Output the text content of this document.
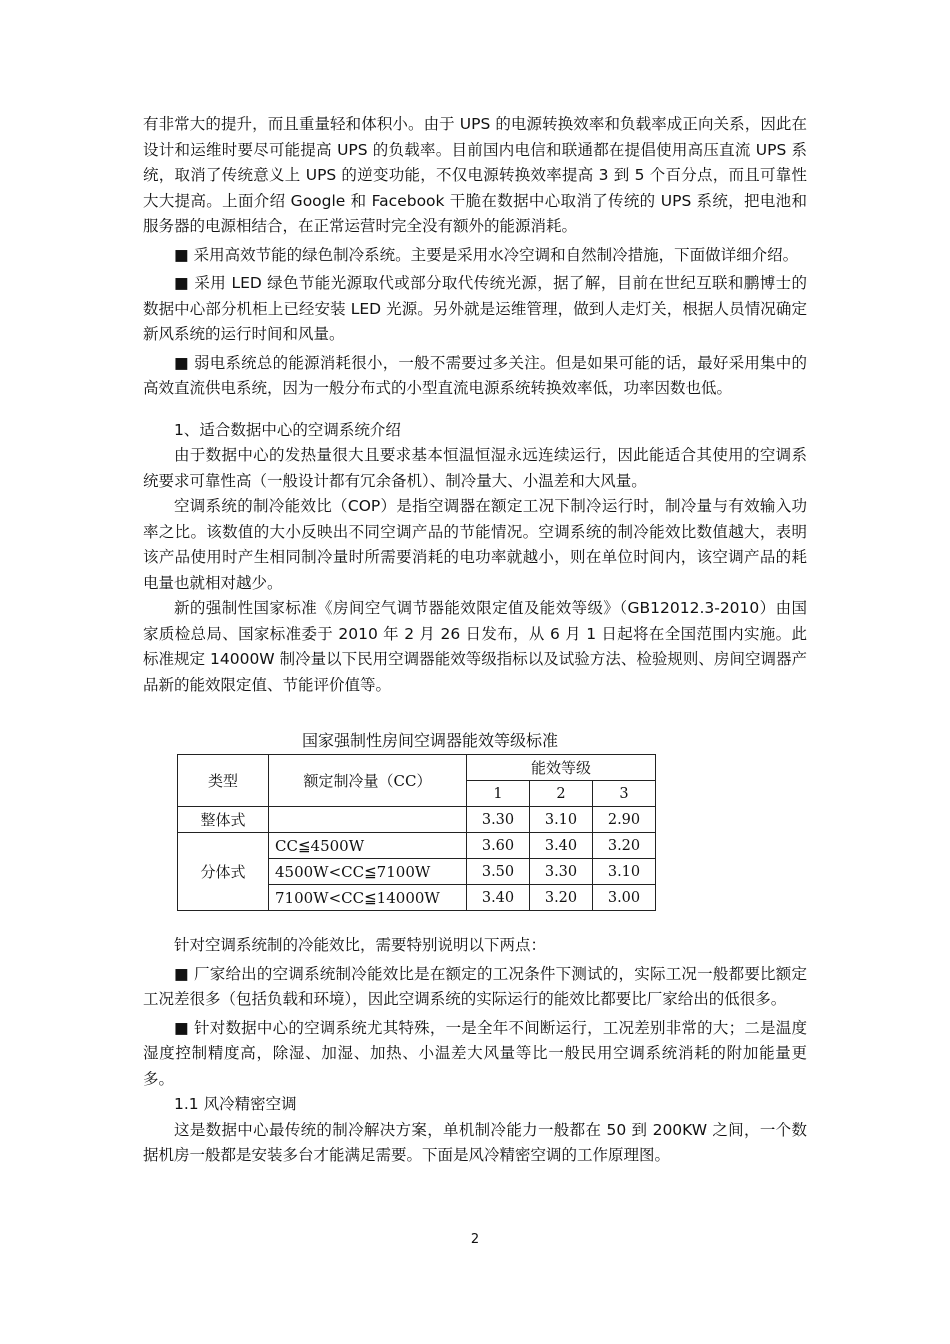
有非常大的提升，而且重量轻和体积小。由于 UPS 的电源转换效率和负载率成正向关系，因此在设计和运维时要尽可能提高 UPS 的负载率。目前国内电信和联通都在提倡使用高压直流 UPS 系统，取消了传统意义上 UPS 的逆变功能，不仅电源转换效率提高 3 到 5 个百分点，而且可靠性大大提高。上面介绍 Google 和 Facebook 干脆在数据中心取消了传统的 UPS 系统，把电池和服务器的电源相结合，在正常运营时完全没有额外的能源消耗。

■ 采用高效节能的绿色制冷系统。主要是采用水冷空调和自然制冷措施，下面做详细介绍。

■ 采用 LED 绿色节能光源取代或部分取代传统光源，据了解，目前在世纪互联和鹏博士的数据中心部分机柜上已经安装 LED 光源。另外就是运维管理，做到人走灯关，根据人员情况确定新风系统的运行时间和风量。

■ 弱电系统总的能源消耗很小，一般不需要过多关注。但是如果可能的话，最好采用集中的高效直流供电系统，因为一般分布式的小型直流电源系统转换效率低，功率因数也低。

1、适合数据中心的空调系统介绍

由于数据中心的发热量很大且要求基本恒温恒湿永远连续运行，因此能适合其使用的空调系统要求可靠性高（一般设计都有冗余备机）、制冷量大、小温差和大风量。

空调系统的制冷能效比（COP）是指空调器在额定工况下制冷运行时，制冷量与有效输入功率之比。该数值的大小反映出不同空调产品的节能情况。空调系统的制冷能效比数值越大，表明该产品使用时产生相同制冷量时所需要消耗的电功率就越小，则在单位时间内，该空调产品的耗电量也就相对越少。

新的强制性国家标准《房间空气调节器能效限定值及能效等级》（GB12012.3-2010）由国家质检总局、国家标准委于 2010 年 2 月 26 日发布，从 6 月 1 日起将在全国范围内实施。此标准规定 14000W 制冷量以下民用空调器能效等级指标以及试验方法、检验规则、房间空调器产品新的能效限定值、节能评价值等。

国家强制性房间空调器能效等级标准
类型	额定制冷量（CC）	能效等级		
		1	2	3
整体式		3.30	3.10	2.90
分体式	CC≦4500W	3.60	3.40	3.20
	4500W<CC≦7100W	3.50	3.30	3.10
	7100W<CC≦14000W	3.40	3.20	3.00

针对空调系统制的冷能效比，需要特别说明以下两点：

■ 厂家给出的空调系统制冷能效比是在额定的工况条件下测试的，实际工况一般都要比额定工况差很多（包括负载和环境），因此空调系统的实际运行的能效比都要比厂家给出的低很多。

■ 针对数据中心的空调系统尤其特殊，一是全年不间断运行，工况差别非常的大；二是温度湿度控制精度高，除湿、加湿、加热、小温差大风量等比一般民用空调系统消耗的附加能量更多。

1.1 风冷精密空调

这是数据中心最传统的制冷解决方案，单机制冷能力一般都在 50 到 200KW 之间，一个数据机房一般都是安装多台才能满足需要。下面是风冷精密空调的工作原理图。

2
